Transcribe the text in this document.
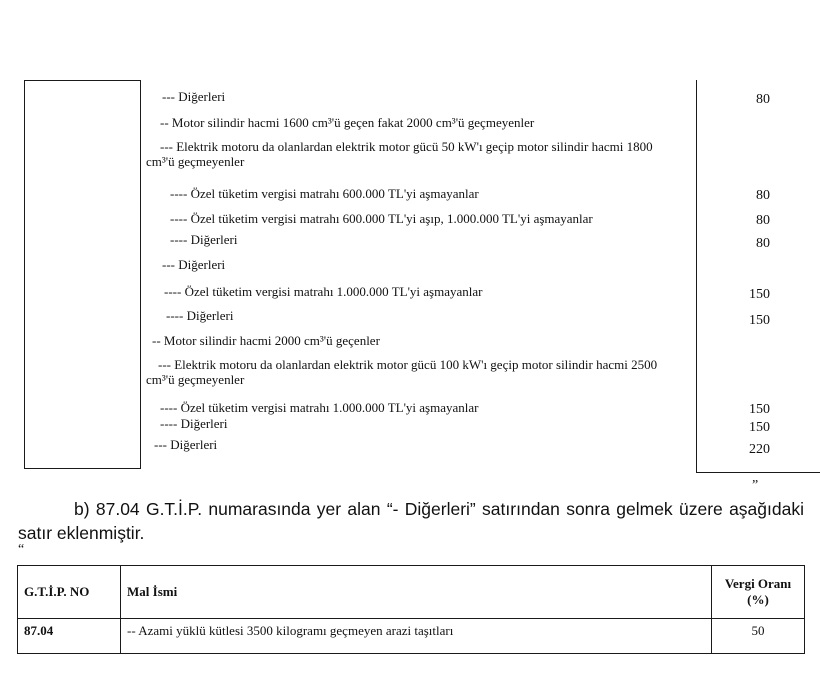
--- Diğerleri	80
-- Motor silindir hacmi 1600 cm³'ü geçen fakat 2000 cm³'ü geçmeyenler
--- Elektrik motoru da olanlardan elektrik motor gücü 50 kW'ı geçip motor silindir hacmi 1800 cm³'ü geçmeyenler
---- Özel tüketim vergisi matrahı 600.000 TL'yi aşmayanlar	80
---- Özel tüketim vergisi matrahı 600.000 TL'yi aşıp, 1.000.000 TL'yi aşmayanlar	80
---- Diğerleri	80
--- Diğerleri
---- Özel tüketim vergisi matrahı 1.000.000 TL'yi aşmayanlar	150
---- Diğerleri	150
-- Motor silindir hacmi 2000 cm³'ü geçenler
--- Elektrik motoru da olanlardan elektrik motor gücü 100 kW'ı geçip motor silindir hacmi 2500 cm³'ü geçmeyenler
---- Özel tüketim vergisi matrahı 1.000.000 TL'yi aşmayanlar	150
---- Diğerleri	150
--- Diğerleri	220
”
b) 87.04 G.T.İ.P. numarasında yer alan “- Diğerleri” satırından sonra gelmek üzere aşağıdaki satır eklenmiştir.
“
G.T.İ.P. NO	Mal İsmi	Vergi Oranı (%)
87.04	-- Azami yüklü kütlesi 3500 kilogramı geçmeyen arazi taşıtları	50
